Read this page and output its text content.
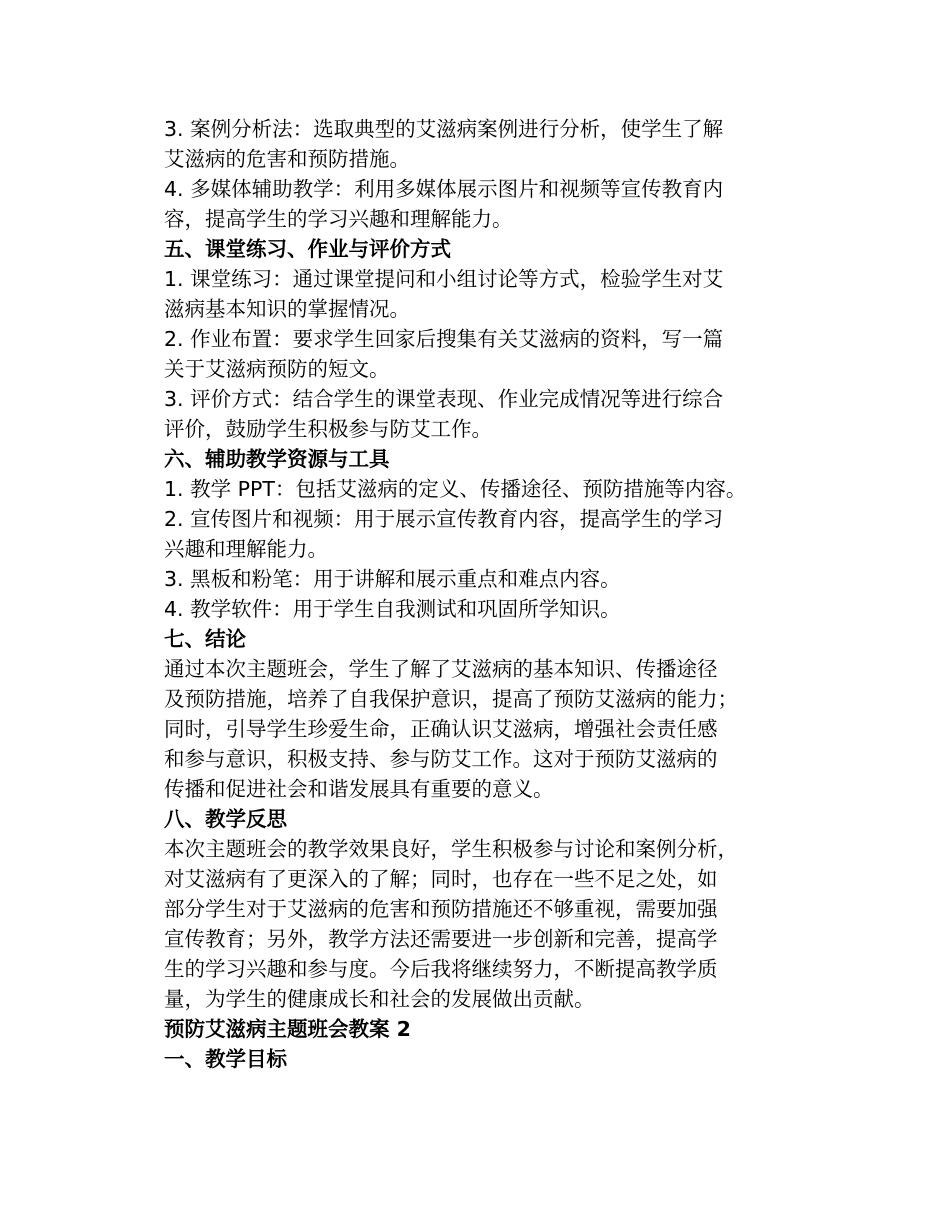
3. 案例分析法：选取典型的艾滋病案例进行分析，使学生了解
艾滋病的危害和预防措施。
4. 多媒体辅助教学：利用多媒体展示图片和视频等宣传教育内
容，提高学生的学习兴趣和理解能力。
五、课堂练习、作业与评价方式
1. 课堂练习：通过课堂提问和小组讨论等方式，检验学生对艾
滋病基本知识的掌握情况。
2. 作业布置：要求学生回家后搜集有关艾滋病的资料，写一篇
关于艾滋病预防的短文。
3. 评价方式：结合学生的课堂表现、作业完成情况等进行综合
评价，鼓励学生积极参与防艾工作。
六、辅助教学资源与工具
1. 教学 PPT：包括艾滋病的定义、传播途径、预防措施等内容。
2. 宣传图片和视频：用于展示宣传教育内容，提高学生的学习
兴趣和理解能力。
3. 黑板和粉笔：用于讲解和展示重点和难点内容。
4. 教学软件：用于学生自我测试和巩固所学知识。
七、结论
通过本次主题班会，学生了解了艾滋病的基本知识、传播途径
及预防措施，培养了自我保护意识，提高了预防艾滋病的能力；
同时，引导学生珍爱生命，正确认识艾滋病，增强社会责任感
和参与意识，积极支持、参与防艾工作。这对于预防艾滋病的
传播和促进社会和谐发展具有重要的意义。
八、教学反思
本次主题班会的教学效果良好，学生积极参与讨论和案例分析，
对艾滋病有了更深入的了解；同时，也存在一些不足之处，如
部分学生对于艾滋病的危害和预防措施还不够重视，需要加强
宣传教育；另外，教学方法还需要进一步创新和完善，提高学
生的学习兴趣和参与度。今后我将继续努力，不断提高教学质
量，为学生的健康成长和社会的发展做出贡献。
预防艾滋病主题班会教案 2
一、教学目标
